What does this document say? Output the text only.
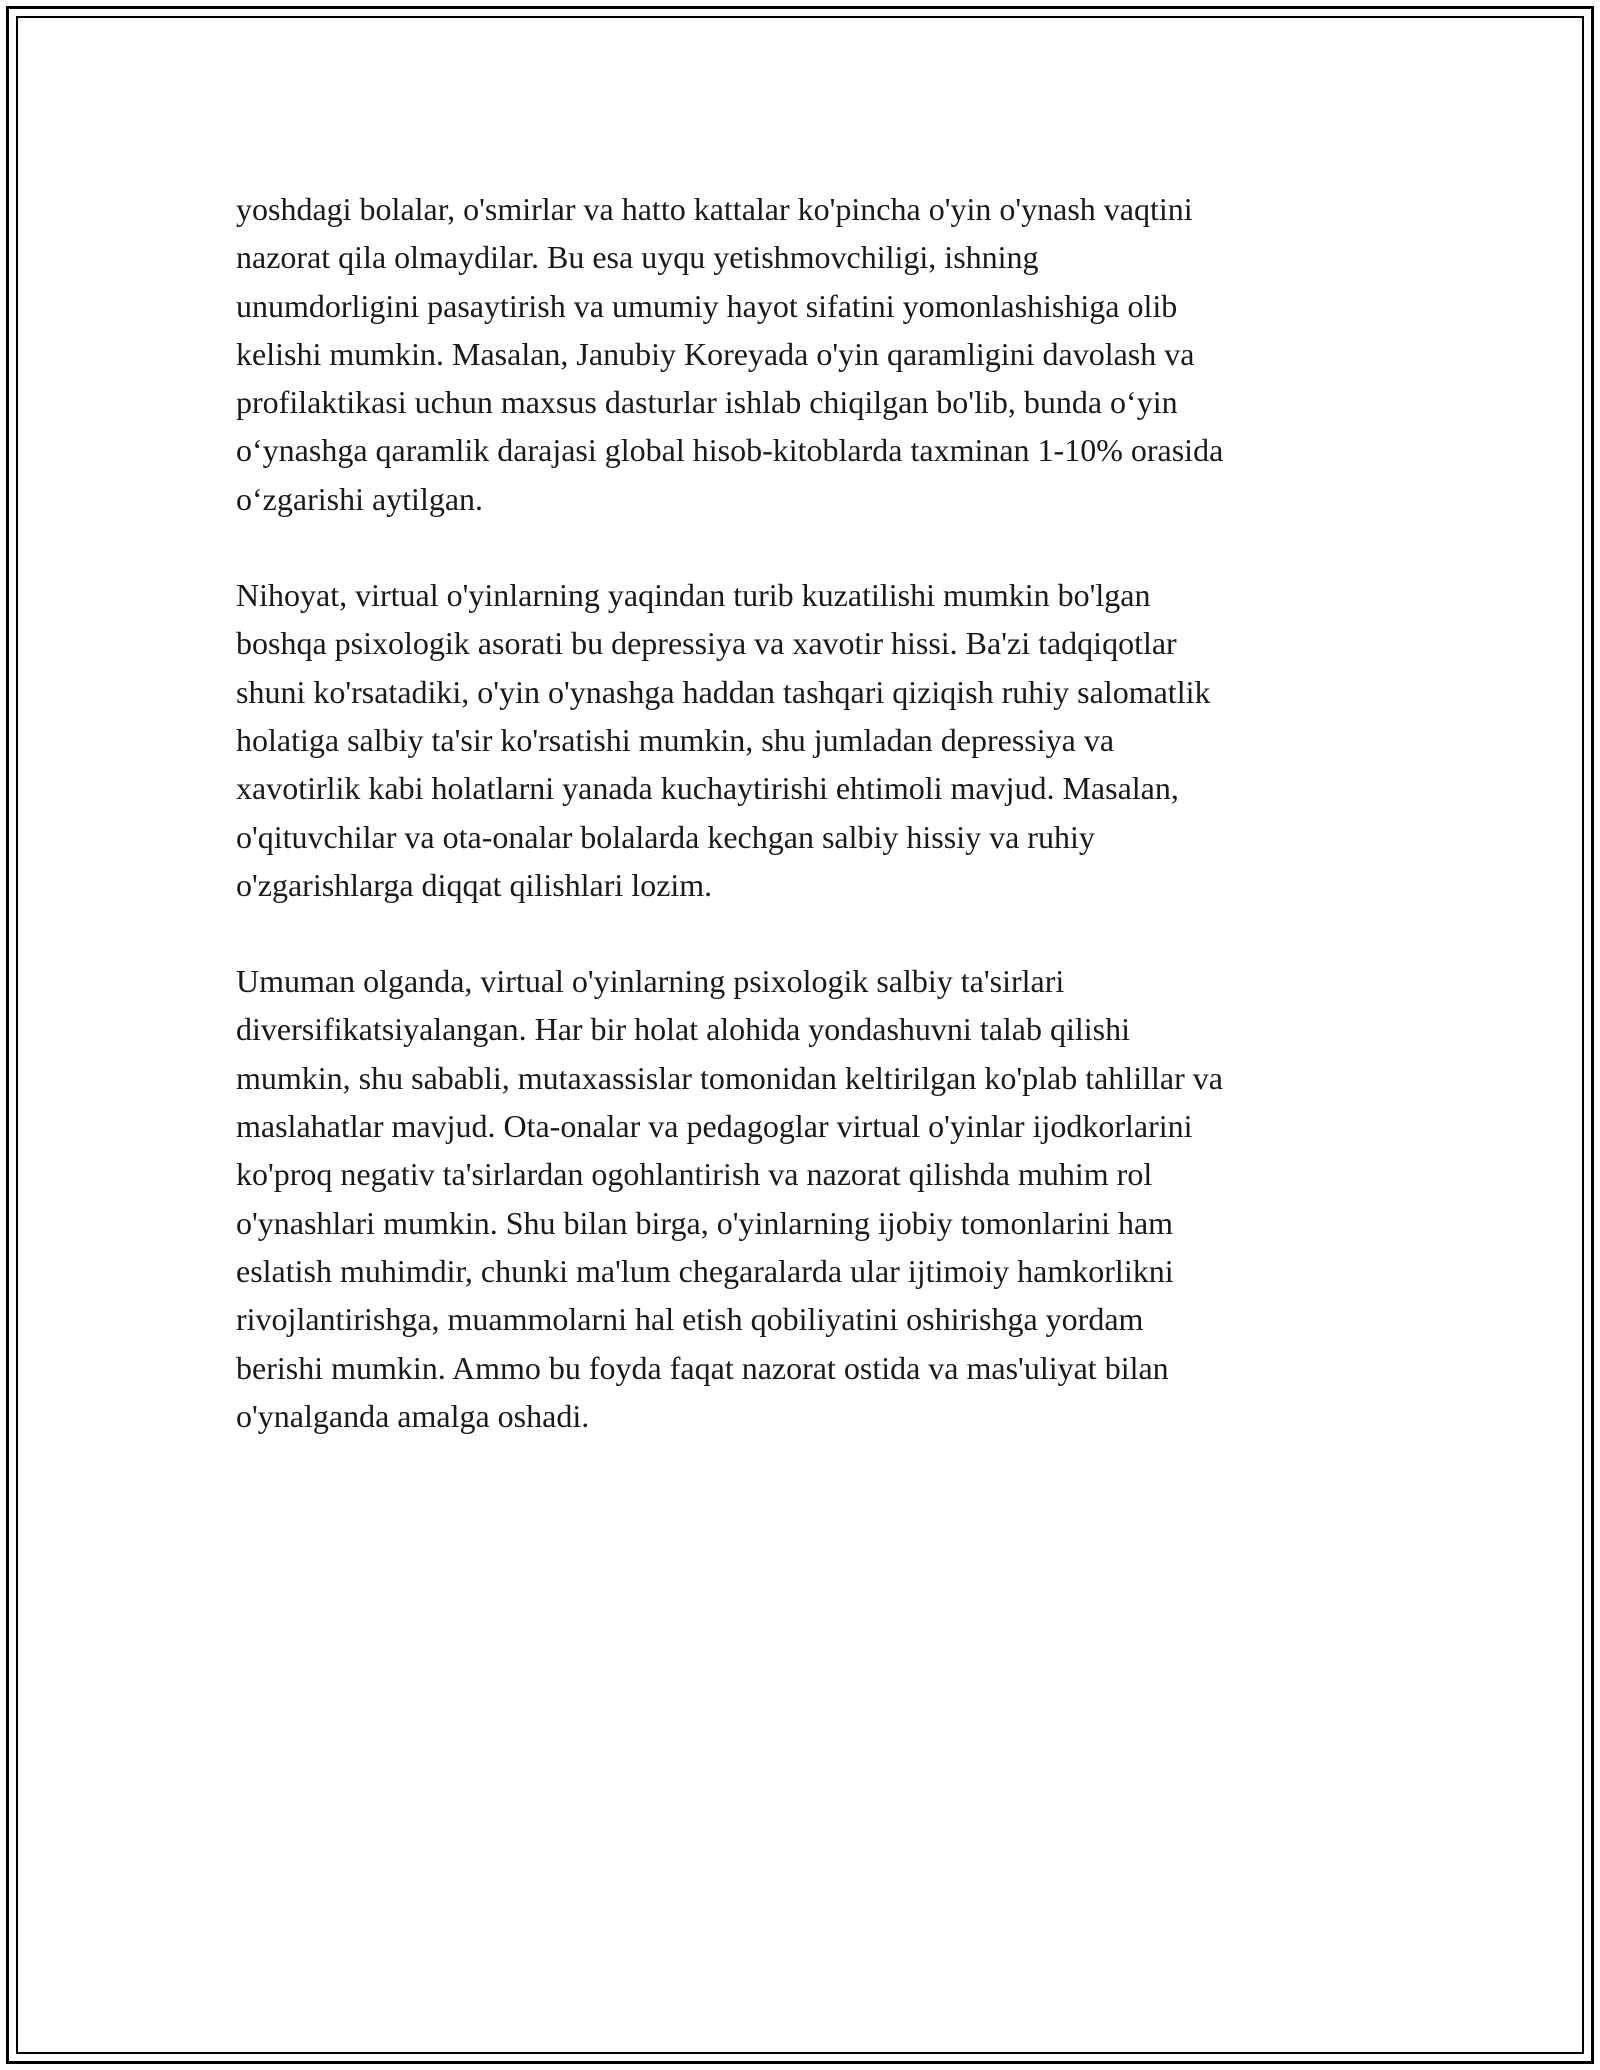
yoshdagi bolalar, o'smirlar va hatto kattalar ko'pincha o'yin o'ynash vaqtini
nazorat qila olmaydilar. Bu esa uyqu yetishmovchiligi, ishning
unumdorligini pasaytirish va umumiy hayot sifatini yomonlashishiga olib
kelishi mumkin. Masalan, Janubiy Koreyada o'yin qaramligini davolash va
profilaktikasi uchun maxsus dasturlar ishlab chiqilgan bo'lib, bunda o‘yin
o‘ynashga qaramlik darajasi global hisob-kitoblarda taxminan 1-10% orasida
o‘zgarishi aytilgan.

Nihoyat, virtual o'yinlarning yaqindan turib kuzatilishi mumkin bo'lgan
boshqa psixologik asorati bu depressiya va xavotir hissi. Ba'zi tadqiqotlar
shuni ko'rsatadiki, o'yin o'ynashga haddan tashqari qiziqish ruhiy salomatlik
holatiga salbiy ta'sir ko'rsatishi mumkin, shu jumladan depressiya va
xavotirlik kabi holatlarni yanada kuchaytirishi ehtimoli mavjud. Masalan,
o'qituvchilar va ota-onalar bolalarda kechgan salbiy hissiy va ruhiy
o'zgarishlarga diqqat qilishlari lozim.

Umuman olganda, virtual o'yinlarning psixologik salbiy ta'sirlari
diversifikatsiyalangan. Har bir holat alohida yondashuvni talab qilishi
mumkin, shu sababli, mutaxassislar tomonidan keltirilgan ko'plab tahlillar va
maslahatlar mavjud. Ota-onalar va pedagoglar virtual o'yinlar ijodkorlarini
ko'proq negativ ta'sirlardan ogohlantirish va nazorat qilishda muhim rol
o'ynashlari mumkin. Shu bilan birga, o'yinlarning ijobiy tomonlarini ham
eslatish muhimdir, chunki ma'lum chegaralarda ular ijtimoiy hamkorlikni
rivojlantirishga, muammolarni hal etish qobiliyatini oshirishga yordam
berishi mumkin. Ammo bu foyda faqat nazorat ostida va mas'uliyat bilan
o'ynalganda amalga oshadi.
